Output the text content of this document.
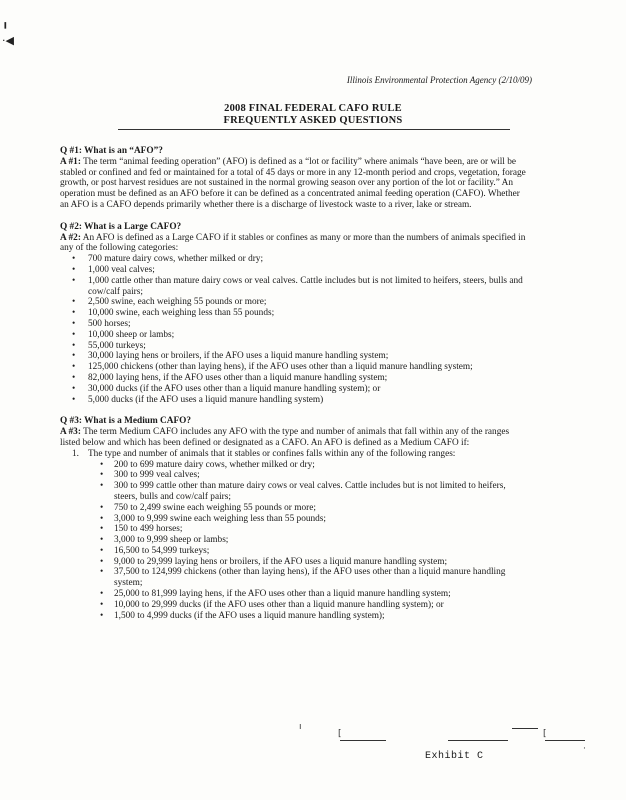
╻

·◀
Illinois Environmental Protection Agency (2/10/09)
2008 FINAL FEDERAL CAFO RULE
FREQUENTLY ASKED QUESTIONS

Q #1: What is an “AFO”?

A #1: The term “animal feeding operation” (AFO) is defined as a “lot or facility” where animals “have been, are or will be stabled or confined and fed or maintained for a total of 45 days or more in any 12-month period and crops, vegetation, forage growth, or post harvest residues are not sustained in the normal growing season over any portion of the lot or facility.” An operation must be defined as an AFO before it can be defined as a concentrated animal feeding operation (CAFO). Whether an AFO is a CAFO depends primarily whether there is a discharge of livestock waste to a river, lake or stream.

Q #2: What is a Large CAFO?

A #2: An AFO is defined as a Large CAFO if it stables or confines as many or more than the numbers of animals specified in any of the following categories:

• 700 mature dairy cows, whether milked or dry;
• 1,000 veal calves;
• 1,000 cattle other than mature dairy cows or veal calves. Cattle includes but is not limited to heifers, steers, bulls and cow/calf pairs;
• 2,500 swine, each weighing 55 pounds or more;
• 10,000 swine, each weighing less than 55 pounds;
• 500 horses;
• 10,000 sheep or lambs;
• 55,000 turkeys;
• 30,000 laying hens or broilers, if the AFO uses a liquid manure handling system;
• 125,000 chickens (other than laying hens), if the AFO uses other than a liquid manure handling system;
• 82,000 laying hens, if the AFO uses other than a liquid manure handling system;
• 30,000 ducks (if the AFO uses other than a liquid manure handling system); or
• 5,000 ducks (if the AFO uses a liquid manure handling system)

Q #3: What is a Medium CAFO?

A #3: The term Medium CAFO includes any AFO with the type and number of animals that fall within any of the ranges listed below and which has been defined or designated as a CAFO. An AFO is defined as a Medium CAFO if:

1. The type and number of animals that it stables or confines falls within any of the following ranges:
• 200 to 699 mature dairy cows, whether milked or dry;
• 300 to 999 veal calves;
• 300 to 999 cattle other than mature dairy cows or veal calves. Cattle includes but is not limited to heifers, steers, bulls and cow/calf pairs;
• 750 to 2,499 swine each weighing 55 pounds or more;
• 3,000 to 9,999 swine each weighing less than 55 pounds;
• 150 to 499 horses;
• 3,000 to 9,999 sheep or lambs;
• 16,500 to 54,999 turkeys;
• 9,000 to 29,999 laying hens or broilers, if the AFO uses a liquid manure handling system;
• 37,500 to 124,999 chickens (other than laying hens), if the AFO uses other than a liquid manure handling system;
• 25,000 to 81,999 laying hens, if the AFO uses other than a liquid manure handling system;
• 10,000 to 29,999 ducks (if the AFO uses other than a liquid manure handling system); or
• 1,500 to 4,999 ducks (if the AFO uses a liquid manure handling system);
ı
[	[
·
Exhibit C
